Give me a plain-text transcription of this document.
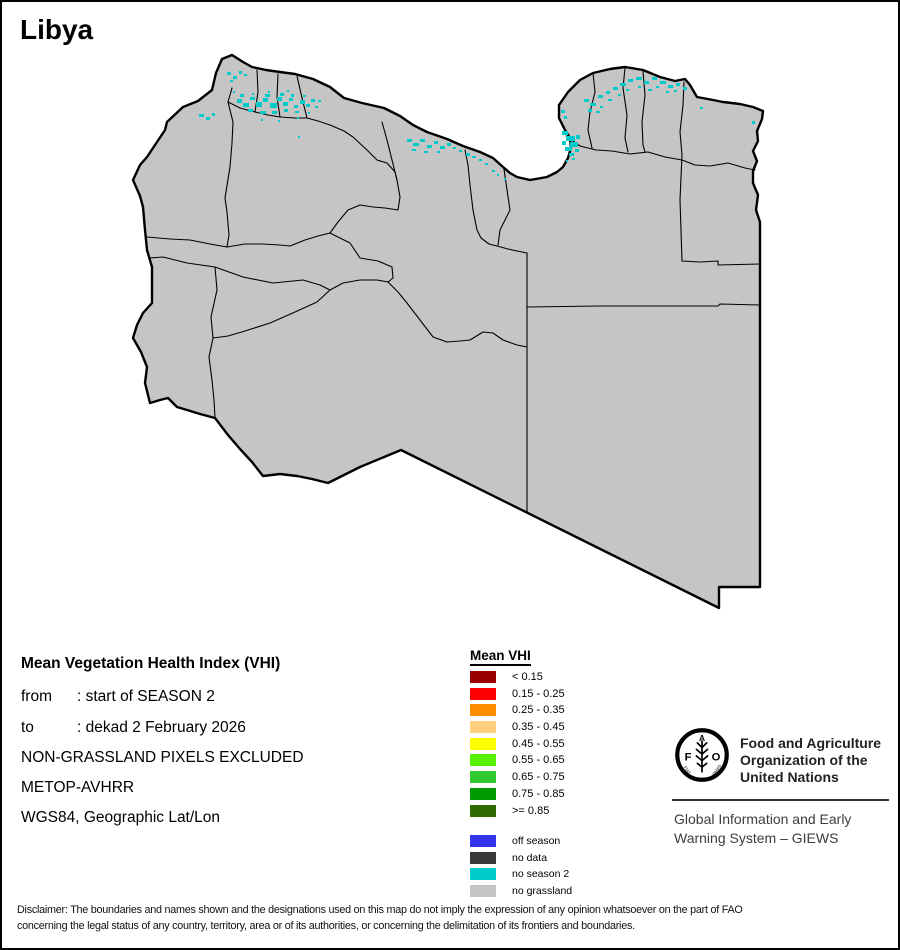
Libya
Mean Vegetation Health Index (VHI)
from : start of SEASON 2
to	: dekad 2 February 2026
NON-GRASSLAND PIXELS EXCLUDED
METOP-AVHRR
WGS84, Geographic Lat/Lon
Mean VHI
< 0.15
0.15 - 0.25
0.25 - 0.35
0.35 - 0.45
0.45 - 0.55
0.55 - 0.65
0.65 - 0.75
0.75 - 0.85
>= 0.85
off season
no data
no season 2
no grassland
A
F O
FIAT	PANIS
Food and Agriculture
Organization of the
United Nations
Global Information and Early
Warning System – GIEWS
Disclaimer: The boundaries and names shown and the designations used on this map do not imply the expression of any opinion whatsoever on the part of FAO
concerning the legal status of any country, territory, area or of its authorities, or concerning the delimitation of its frontiers and boundaries.
